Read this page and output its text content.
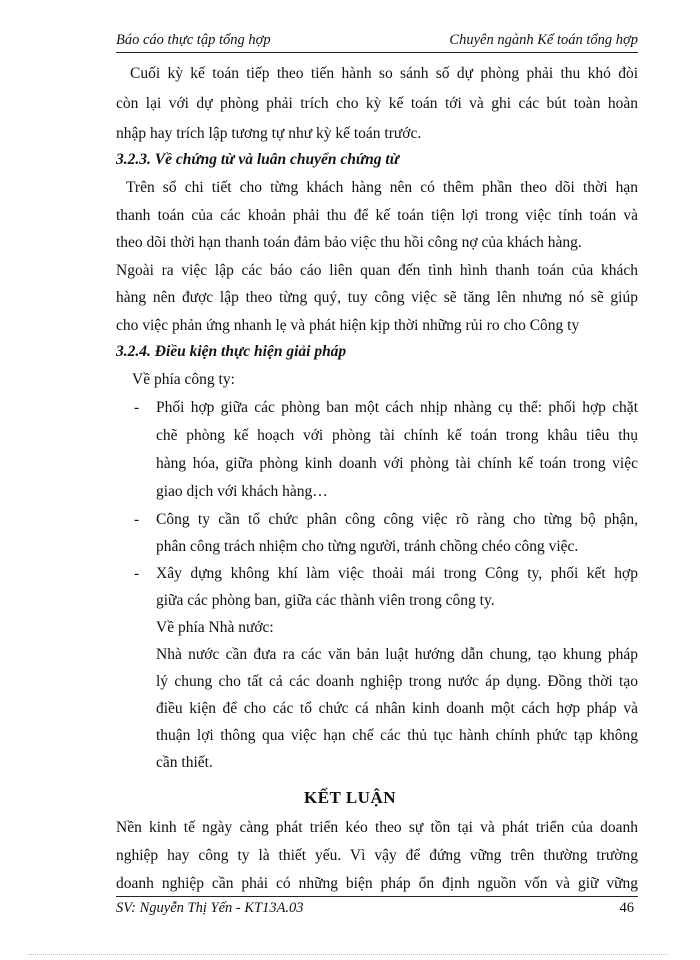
Báo cáo thực tập tổng hợp	Chuyên ngành Kế toán tổng hợp
Cuối kỳ kế toán tiếp theo tiến hành so sánh số dự phòng phải thu khó đòi
còn lại với dự phòng phải trích cho kỳ kế toán tới và ghi các bút toàn hoàn
nhập hay trích lập tương tự như kỳ kế toán trước.
3.2.3. Về chứng từ và luân chuyển chứng từ
Trên sổ chi tiết cho từng khách hàng nên có thêm phần theo dõi thời hạn
thanh toán của các khoản phải thu để kế toán tiện lợi trong việc tính toán và
theo dõi thời hạn thanh toán đảm bảo việc thu hồi công nợ của khách hàng.
Ngoài ra việc lập các báo cáo liên quan đến tình hình thanh toán của khách
hàng nên được lập theo từng quý, tuy công việc sẽ tăng lên nhưng nó sẽ giúp
cho việc phản ứng nhanh lẹ và phát hiện kịp thời những rủi ro cho Công ty
3.2.4. Điều kiện thực hiện giải pháp
Về phía công ty:
- Phối hợp giữa các phòng ban một cách nhịp nhàng cụ thể: phối hợp chặt
chẽ phòng kế hoạch với phòng tài chính kế toán trong khâu tiêu thụ
hàng hóa, giữa phòng kinh doanh với phòng tài chính kế toán trong việc
giao dịch với khách hàng…
- Công ty cần tổ chức phân công công việc rõ ràng cho từng bộ phận,
phân công trách nhiệm cho từng người, tránh chồng chéo công việc.
- Xây dựng không khí làm việc thoải mái trong Công ty, phối kết hợp
giữa các phòng ban, giữa các thành viên trong công ty.
Về phía Nhà nước:
Nhà nước cần đưa ra các văn bản luật hướng dẫn chung, tạo khung pháp
lý chung cho tất cả các doanh nghiệp trong nước áp dụng. Đồng thời tạo
điều kiện để cho các tổ chức cá nhân kinh doanh một cách hợp pháp và
thuận lợi thông qua việc hạn chế các thủ tục hành chính phức tạp không
cần thiết.
KẾT LUẬN
Nền kinh tế ngày càng phát triển kéo theo sự tồn tại và phát triển của doanh
nghiệp hay công ty là thiết yếu. Vì vậy để đứng vững trên thường trường
doanh nghiệp cần phải có những biện pháp ổn định nguồn vốn và giữ vững
SV: Nguyễn Thị Yến - KT13A.03	46
